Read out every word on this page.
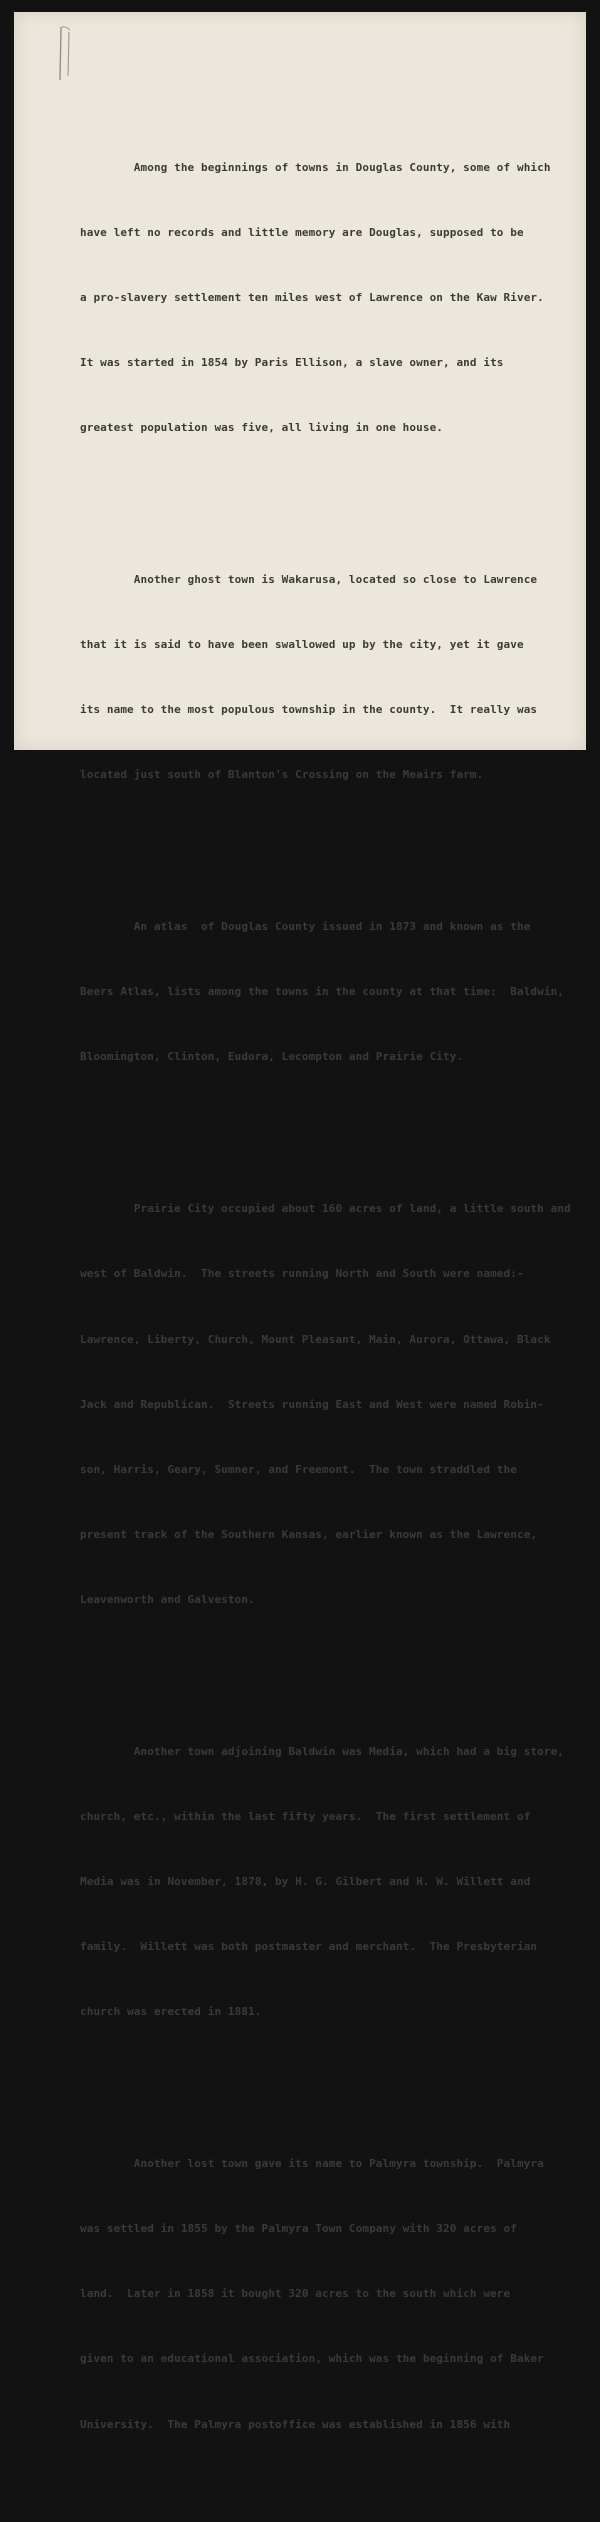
Among the beginnings of towns in Douglas County, some of which

have left no records and little memory are Douglas, supposed to be

a pro-slavery settlement ten miles west of Lawrence on the Kaw River.

It was started in 1854 by Paris Ellison, a slave owner, and its

greatest population was five, all living in one house.

Another ghost town is Wakarusa, located so close to Lawrence

that it is said to have been swallowed up by the city, yet it gave

its name to the most populous township in the county.  It really was

located just south of Blanton's Crossing on the Meairs farm.

An atlas  of Douglas County issued in 1873 and known as the

Beers Atlas, lists among the towns in the county at that time:  Baldwin,

Bloomington, Clinton, Eudora, Lecompton and Prairie City.

Prairie City occupied about 160 acres of land, a little south and

west of Baldwin.  The streets running North and South were named:-

Lawrence, Liberty, Church, Mount Pleasant, Main, Aurora, Ottawa, Black

Jack and Republican.  Streets running East and West were named Robin-

son, Harris, Geary, Sumner, and Freemont.  The town straddled the

present track of the Southern Kansas, earlier known as the Lawrence,

Leavenworth and Galveston.

Another town adjoining Baldwin was Media, which had a big store,

church, etc., within the last fifty years.  The first settlement of

Media was in November, 1878, by H. G. Gilbert and H. W. Willett and

family.  Willett was both postmaster and merchant.  The Presbyterian

church was erected in 1881.

Another lost town gave its name to Palmyra township.  Palmyra

was settled in 1855 by the Palmyra Town Company with 320 acres of

land.  Later in 1858 it bought 320 acres to the south which were

given to an educational association, which was the beginning of Baker

University.  The Palmyra postoffice was established in 1856 with
